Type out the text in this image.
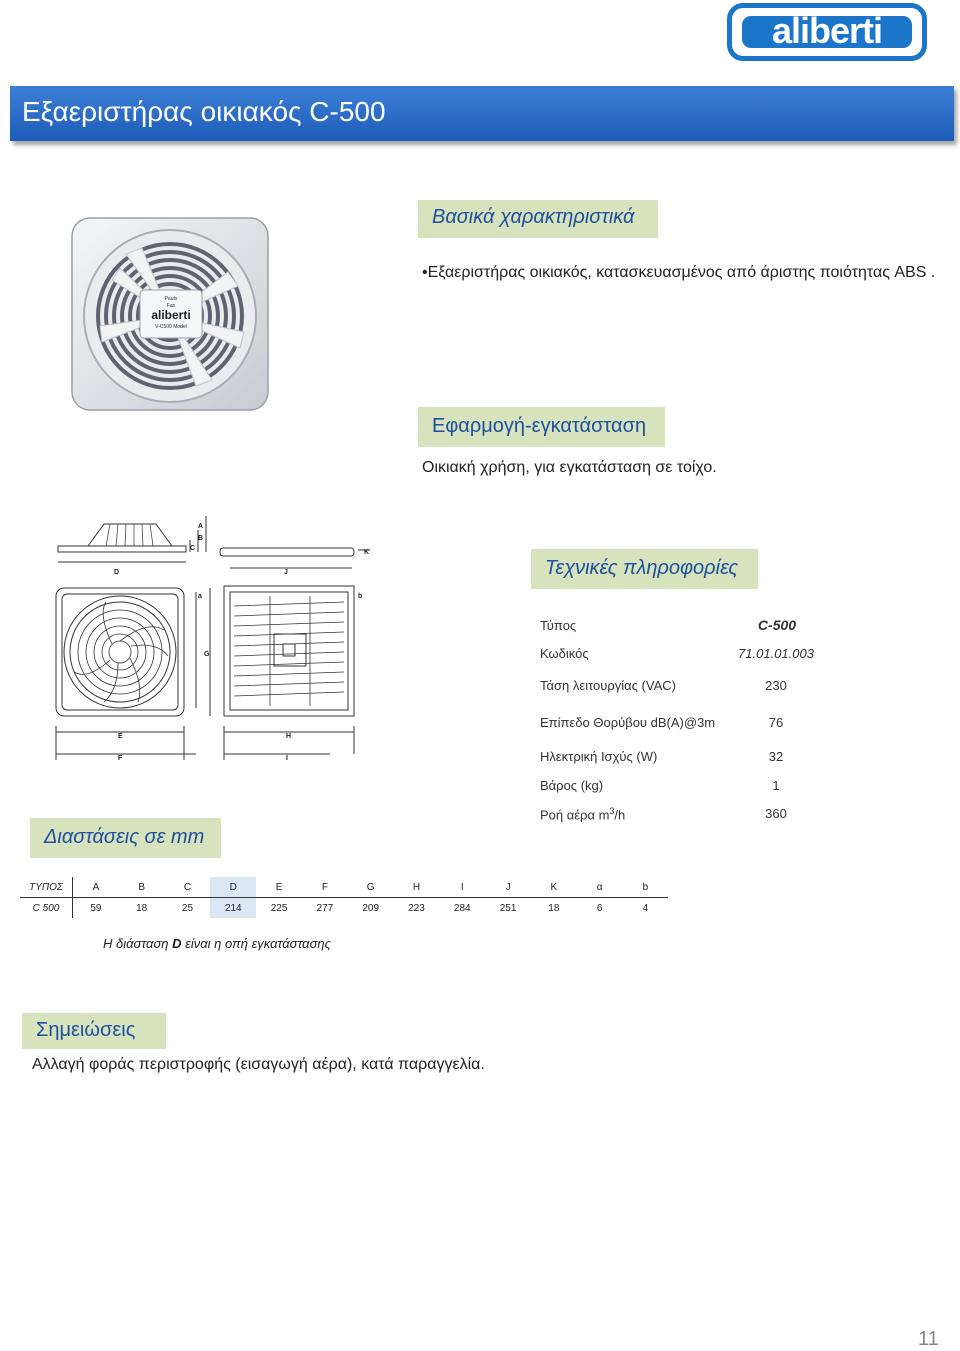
aliberti
Εξαεριστήρας οικιακός C-500
Pauts
Fan
aliberti
V-C500 Model
Βασικά χαρακτηριστικά
•Εξαεριστήρας οικιακός, κατασκευασμένος από άριστης ποιότητας ABS .
Εφαρμογή-εγκατάσταση
Οικιακή χρήση, για εγκατάσταση σε τοίχο.
D	J
A
B
C
K
a	b
G
E
F
H
I
Τεχνικές πληροφορίες
Τύπος	C-500
Κωδικός	71.01.01.003
Τάση λειτουργίας (VAC)	230
Επίπεδο Θορύβου dB(A)@3m	76
Ηλεκτρική Ισχύς (W)	32
Βάρος (kg)	1
Ροή αέρα $m^3/h$	360
Διαστάσεις σε mm
ΤΥΠΟΣ	A	B	C	D	E	F	G	H	I	J	K	α	b
C 500	59	18	25	214	225	277	209	223	284	251	18	6	4
Η διάσταση D είναι η οπή εγκατάστασης
Σημειώσεις
Αλλαγή φοράς περιστροφής (εισαγωγή αέρα), κατά παραγγελία.
11
